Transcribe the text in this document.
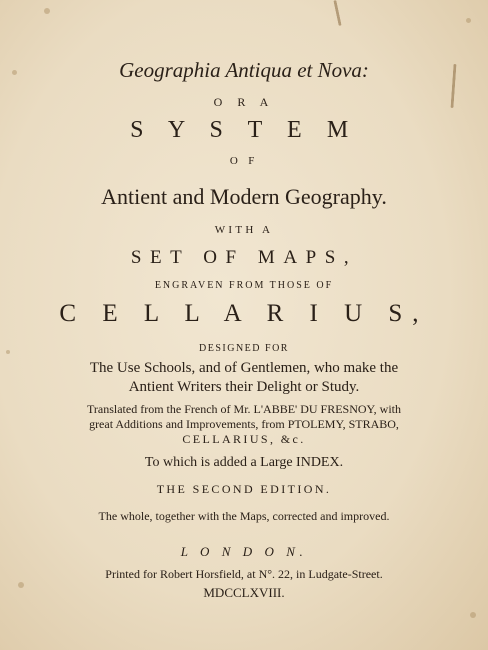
Geographia Antiqua et Nova:
O R A
S Y S T E M
O F
Antient and Modern Geography.
WITH A
SET OF MAPS,
ENGRAVEN FROM THOSE OF
C E L L A R I U S,
DESIGNED FOR
The Use Schools, and of Gentlemen, who make the
Antient Writers their Delight or Study.
Translated from the French of Mr. L'ABBE' DU FRESNOY, with
great Additions and Improvements, from PTOLEMY, STRABO,
CELLARIUS, &c.
To which is added a Large INDEX.
THE SECOND EDITION.
The whole, together with the Maps, corrected and improved.
L O N D O N.
Printed for Robert Horsfield, at N°. 22, in Ludgate-Street.
MDCCLXVIII.
